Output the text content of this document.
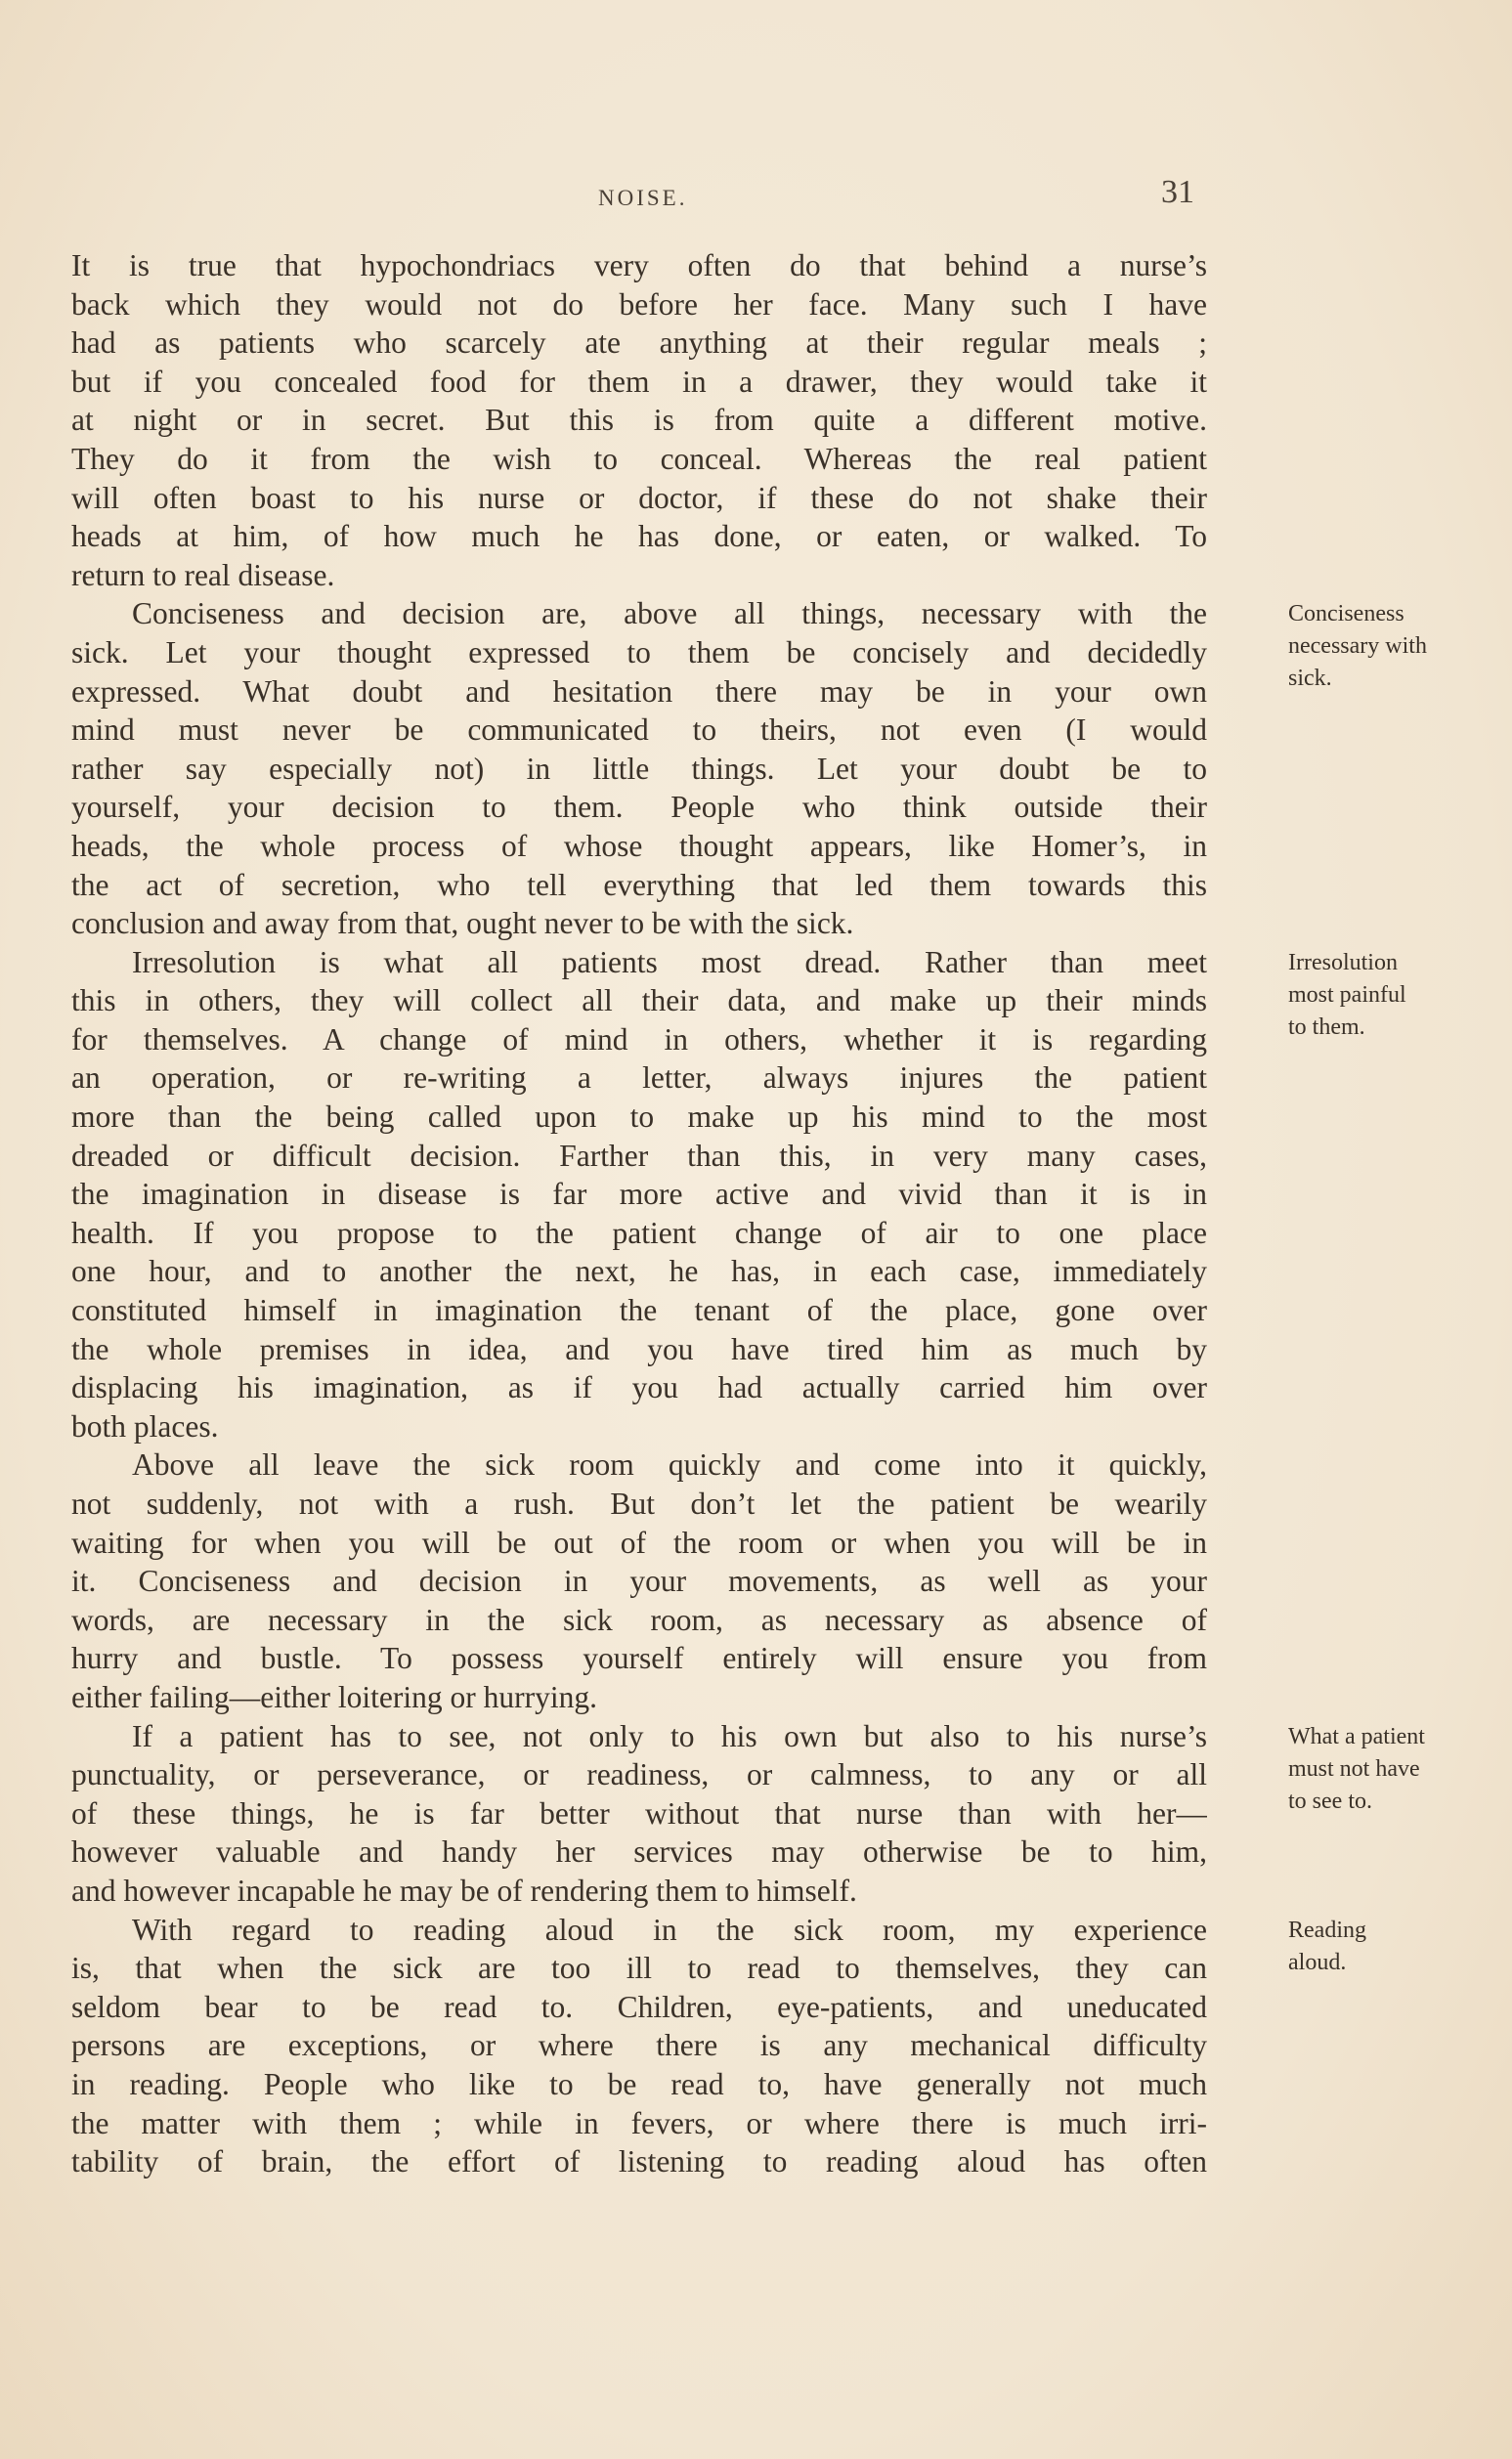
NOISE.	31
It is true that hypochondriacs very often do that behind a nurse’s
back which they would not do before her face. Many such I have
had as patients who scarcely ate anything at their regular meals ;
but if you concealed food for them in a drawer, they would take it
at night or in secret. But this is from quite a different motive.
They do it from the wish to conceal. Whereas the real patient
will often boast to his nurse or doctor, if these do not shake their
heads at him, of how much he has done, or eaten, or walked. To
return to real disease.
Conciseness and decision are, above all things, necessary with the
sick. Let your thought expressed to them be concisely and decidedly
expressed. What doubt and hesitation there may be in your own
mind must never be communicated to theirs, not even (I would
rather say especially not) in little things. Let your doubt be to
yourself, your decision to them. People who think outside their
heads, the whole process of whose thought appears, like Homer’s, in
the act of secretion, who tell everything that led them towards this
conclusion and away from that, ought never to be with the sick.
Irresolution is what all patients most dread. Rather than meet
this in others, they will collect all their data, and make up their minds
for themselves. A change of mind in others, whether it is regarding
an operation, or re-writing a letter, always injures the patient
more than the being called upon to make up his mind to the most
dreaded or difficult decision. Farther than this, in very many cases,
the imagination in disease is far more active and vivid than it is in
health. If you propose to the patient change of air to one place
one hour, and to another the next, he has, in each case, immediately
constituted himself in imagination the tenant of the place, gone over
the whole premises in idea, and you have tired him as much by
displacing his imagination, as if you had actually carried him over
both places.
Above all leave the sick room quickly and come into it quickly,
not suddenly, not with a rush. But don’t let the patient be wearily
waiting for when you will be out of the room or when you will be in
it. Conciseness and decision in your movements, as well as your
words, are necessary in the sick room, as necessary as absence of
hurry and bustle. To possess yourself entirely will ensure you from
either failing—either loitering or hurrying.
If a patient has to see, not only to his own but also to his nurse’s
punctuality, or perseverance, or readiness, or calmness, to any or all
of these things, he is far better without that nurse than with her—
however valuable and handy her services may otherwise be to him,
and however incapable he may be of rendering them to himself.
With regard to reading aloud in the sick room, my experience
is, that when the sick are too ill to read to themselves, they can
seldom bear to be read to. Children, eye-patients, and uneducated
persons are exceptions, or where there is any mechanical difficulty
in reading. People who like to be read to, have generally not much
the matter with them ; while in fevers, or where there is much irri-
tability of brain, the effort of listening to reading aloud has often
Conciseness
necessary with
sick.
Irresolution
most painful
to them.
What a patient
must not have
to see to.
Reading
aloud.
